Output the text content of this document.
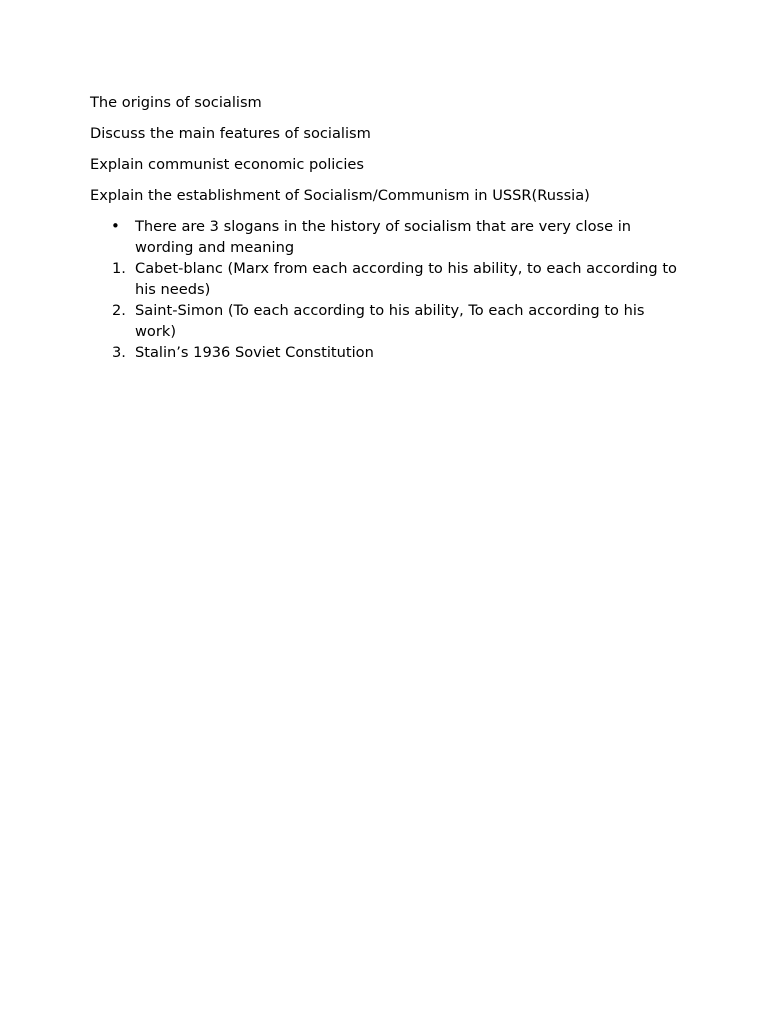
The origins of socialism

Discuss the main features of socialism

Explain communist economic policies

Explain the establishment of Socialism/Communism in USSR(Russia)

•	There are 3 slogans in the history of socialism that are very close in wording and meaning
1. Cabet-blanc (Marx from each according to his ability, to each according to his needs)
2. Saint-Simon (To each according to his ability, To each according to his work)
3. Stalin’s 1936 Soviet Constitution
